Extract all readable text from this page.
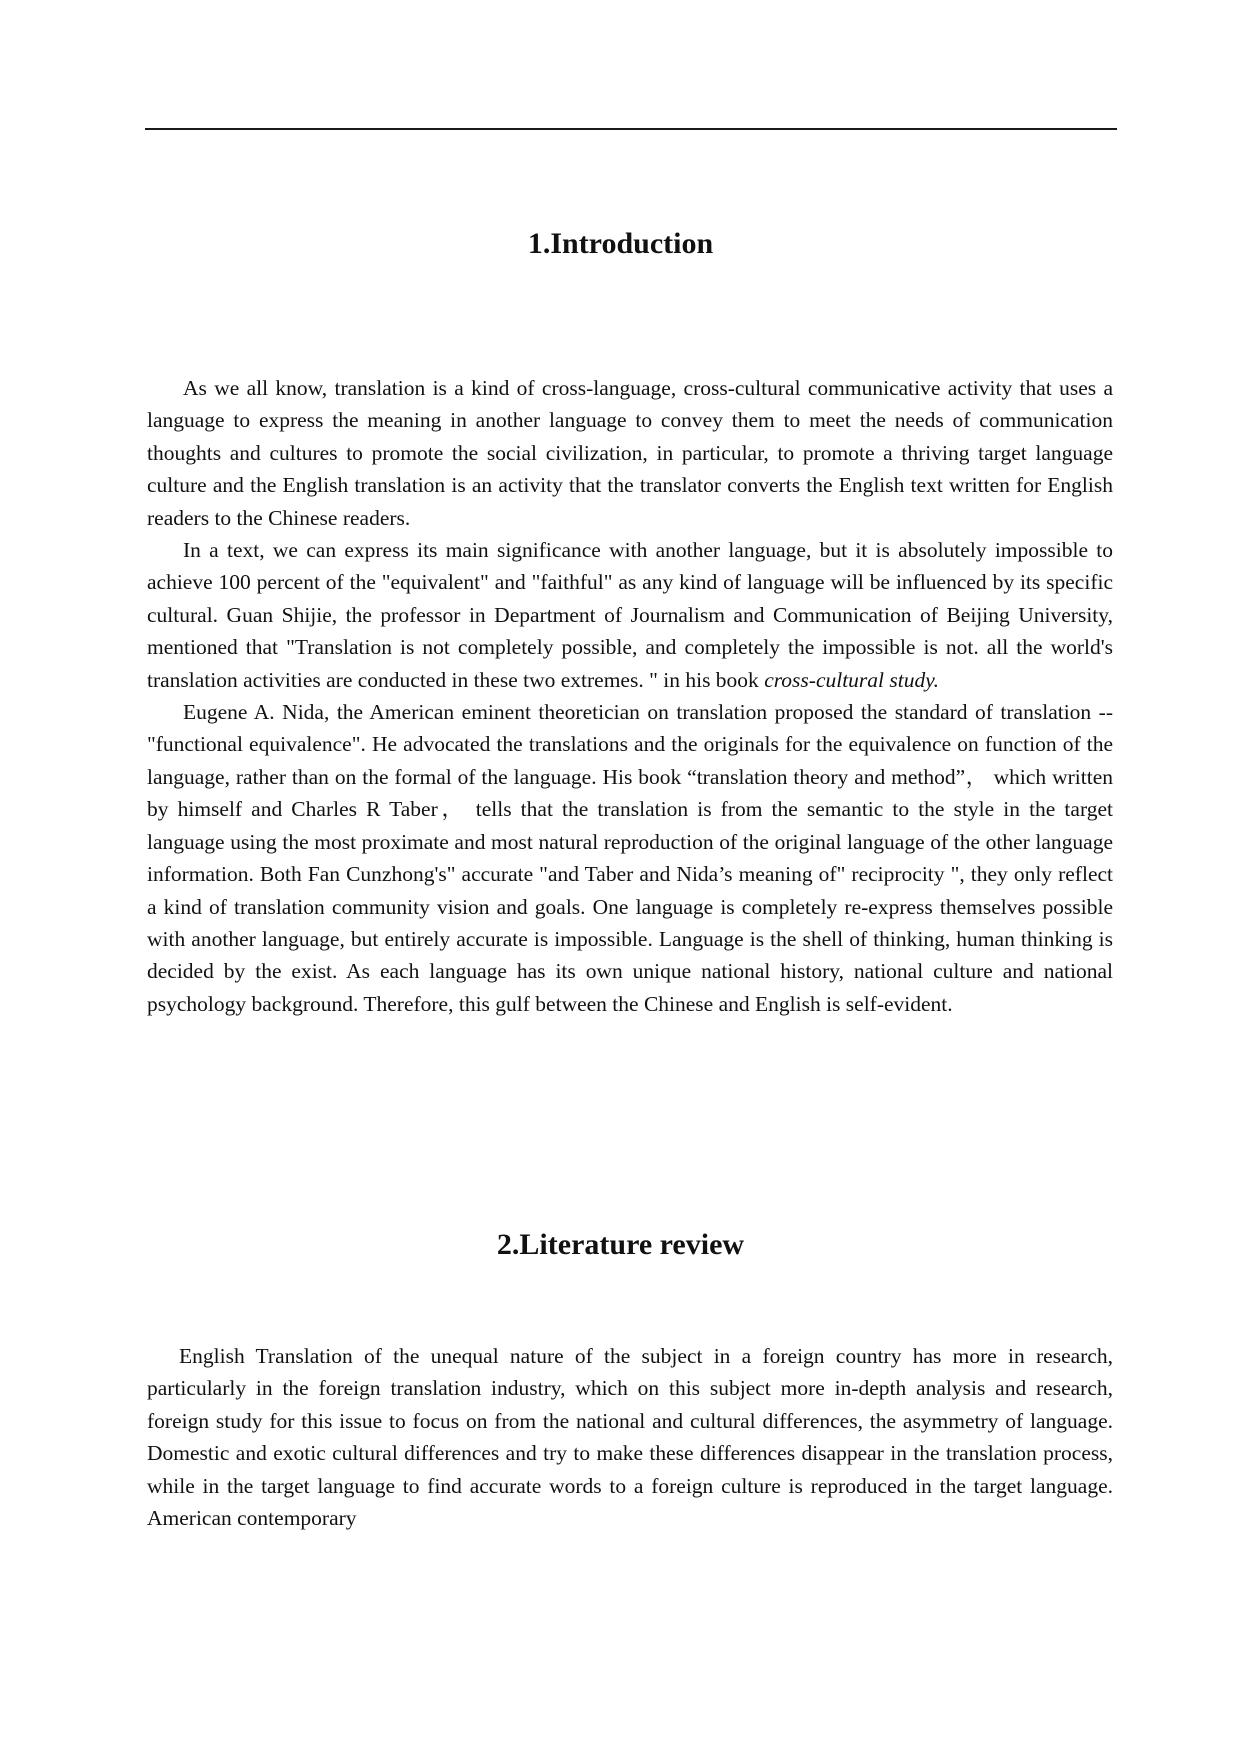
1.Introduction

As we all know, translation is a kind of cross-language, cross-cultural communicative activity that uses a language to express the meaning in another language to convey them to meet the needs of communication thoughts and cultures to promote the social civilization, in particular, to promote a thriving target language culture and the English translation is an activity that the translator converts the English text written for English readers to the Chinese readers.

In a text, we can express its main significance with another language, but it is absolutely impossible to achieve 100 percent of the "equivalent" and "faithful" as any kind of language will be influenced by its specific cultural. Guan Shijie, the professor in Department of Journalism and Communication of Beijing University, mentioned that "Translation is not completely possible, and completely the impossible is not. all the world's translation activities are conducted in these two extremes. " in his book cross-cultural study.

Eugene A. Nida, the American eminent theoretician on translation proposed the standard of translation --"functional equivalence". He advocated the translations and the originals for the equivalence on function of the language, rather than on the formal of the language. His book “translation theory and method”， which written by himself and Charles R Taber， tells that the translation is from the semantic to the style in the target language using the most proximate and most natural reproduction of the original language of the other language information. Both Fan Cunzhong's" accurate "and Taber and Nida’s meaning of" reciprocity ", they only reflect a kind of translation community vision and goals. One language is completely re-express themselves possible with another language, but entirely accurate is impossible. Language is the shell of thinking, human thinking is decided by the exist. As each language has its own unique national history, national culture and national psychology background. Therefore, this gulf between the Chinese and English is self-evident.

2.Literature review

English Translation of the unequal nature of the subject in a foreign country has more in research, particularly in the foreign translation industry, which on this subject more in-depth analysis and research, foreign study for this issue to focus on from the national and cultural differences, the asymmetry of language. Domestic and exotic cultural differences and try to make these differences disappear in the translation process, while in the target language to find accurate words to a foreign culture is reproduced in the target language. American contemporary
